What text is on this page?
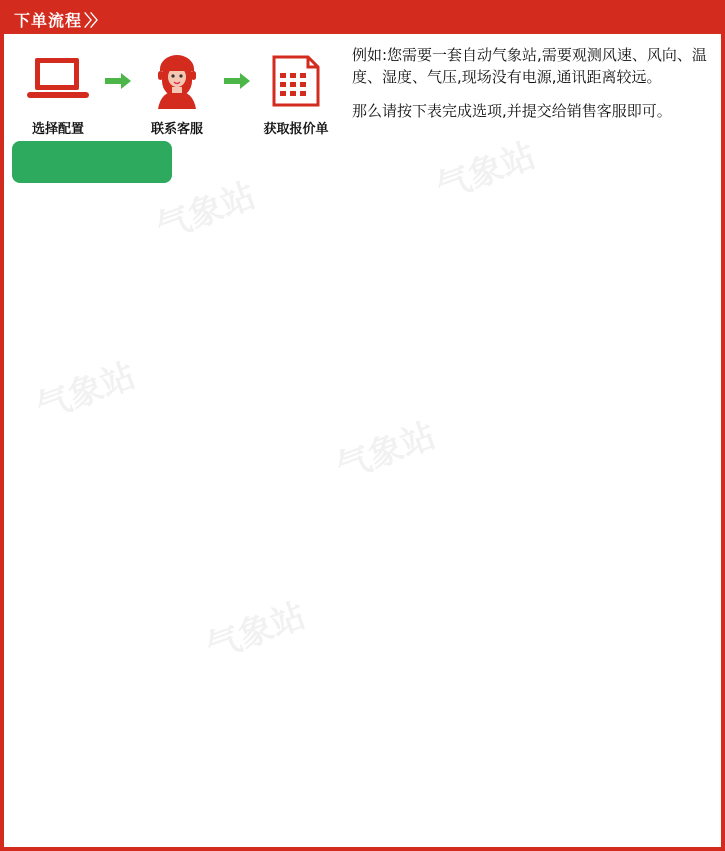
气象站
气象站
气象站
气象站
气象站
下单流程 〉〉
选择配置	联系客服	获取报价单

例如:您需要一套自动气象站,需要观测风速、风向、温度、湿度、气压,现场没有电源,通讯距离较远。

那么请按下表完成选项,并提交给销售客服即可。
